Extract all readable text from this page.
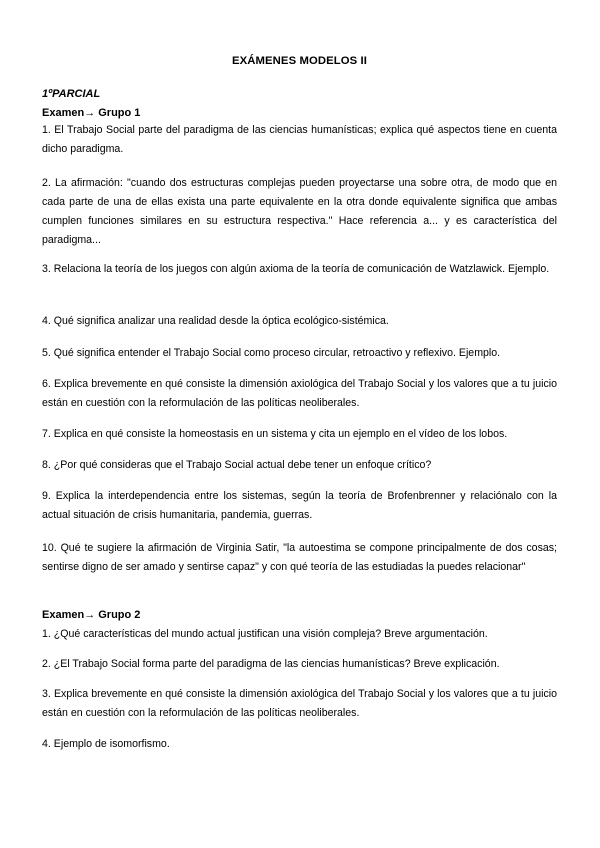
EXÁMENES MODELOS II
1ºPARCIAL
Examen→ Grupo 1
1. El Trabajo Social parte del paradigma de las ciencias humanísticas; explica qué aspectos tiene en cuenta dicho paradigma.
2. La afirmación: "cuando dos estructuras complejas pueden proyectarse una sobre otra, de modo que en cada parte de una de ellas exista una parte equivalente en la otra donde equivalente significa que ambas cumplen funciones similares en su estructura respectiva." Hace referencia a... y es característica del paradigma...
3. Relaciona la teoría de los juegos con algún axioma de la teoría de comunicación de Watzlawick. Ejemplo.
4. Qué significa analizar una realidad desde la óptica ecológico-sistémica.
5. Qué significa entender el Trabajo Social como proceso circular, retroactivo y reflexivo. Ejemplo.
6. Explica brevemente en qué consiste la dimensión axiológica del Trabajo Social y los valores que a tu juicio están en cuestión con la reformulación de las políticas neoliberales.
7. Explica en qué consiste la homeostasis en un sistema y cita un ejemplo en el vídeo de los lobos.
8. ¿Por qué consideras que el Trabajo Social actual debe tener un enfoque crítico?
9. Explica la interdependencia entre los sistemas, según la teoría de Brofenbrenner y relaciónalo con la actual situación de crisis humanitaria, pandemia, guerras.
10. Qué te sugiere la afirmación de Virginia Satir, "la autoestima se compone principalmente de dos cosas; sentirse digno de ser amado y sentirse capaz" y con qué teoría de las estudiadas la puedes relacionar"
Examen→ Grupo 2
1. ¿Qué características del mundo actual justifican una visión compleja? Breve argumentación.
2. ¿El Trabajo Social forma parte del paradigma de las ciencias humanísticas? Breve explicación.
3. Explica brevemente en qué consiste la dimensión axiológica del Trabajo Social y los valores que a tu juicio están en cuestión con la reformulación de las políticas neoliberales.
4. Ejemplo de isomorfismo.
